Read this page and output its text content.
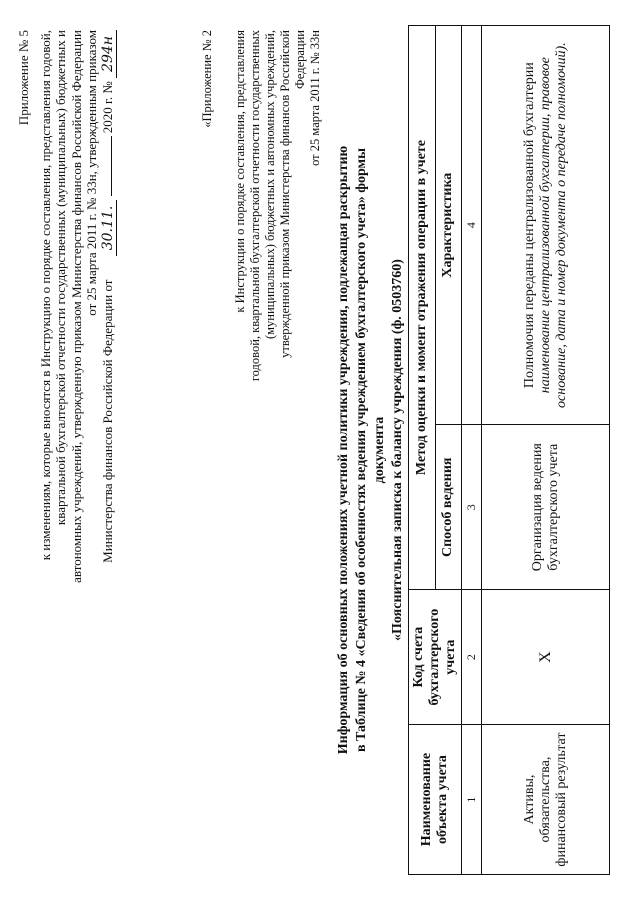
Приложение № 5 к изменениям, которые вносятся в Инструкцию о порядке составления, представления годовой, квартальной бухгалтерской отчетности государственных (муниципальных) бюджетных и автономных учреждений, утвержденную приказом Министерства финансов Российской Федерации от 25 марта 2011 г. № 33н, утвержденным приказом
Министерства финансов Российской Федерации от 30.11.  2020 г. № 294н	«Приложение № 2 к Инструкции о порядке составления, представления годовой, квартальной бухгалтерской отчетности государственных (муниципальных) бюджетных и автономных учреждений, утвержденной приказом Министерства финансов Российской Федерации от 25 марта 2011 г. № 33н
Информация об основных положениях учетной политики учреждения, подлежащая раскрытию в Таблице № 4 «Сведения об особенностях ведения учреждением бухгалтерского учета» формы документа «Пояснительная записка к балансу учреждения (ф. 0503760)
Наименование объекта учета	Код счета бухгалтерского учета	Метод оценки и момент отражения операции в учете	
		Способ ведения	Характеристика
1	2	3	4
Активы, обязательства, финансовый результат	Х	Организация ведения бухгалтерского учета	Полномочия переданы централизованной бухгалтерии наименование централизованной бухгалтерии, правовое основание, дата и номер документа о передаче полномочий).
